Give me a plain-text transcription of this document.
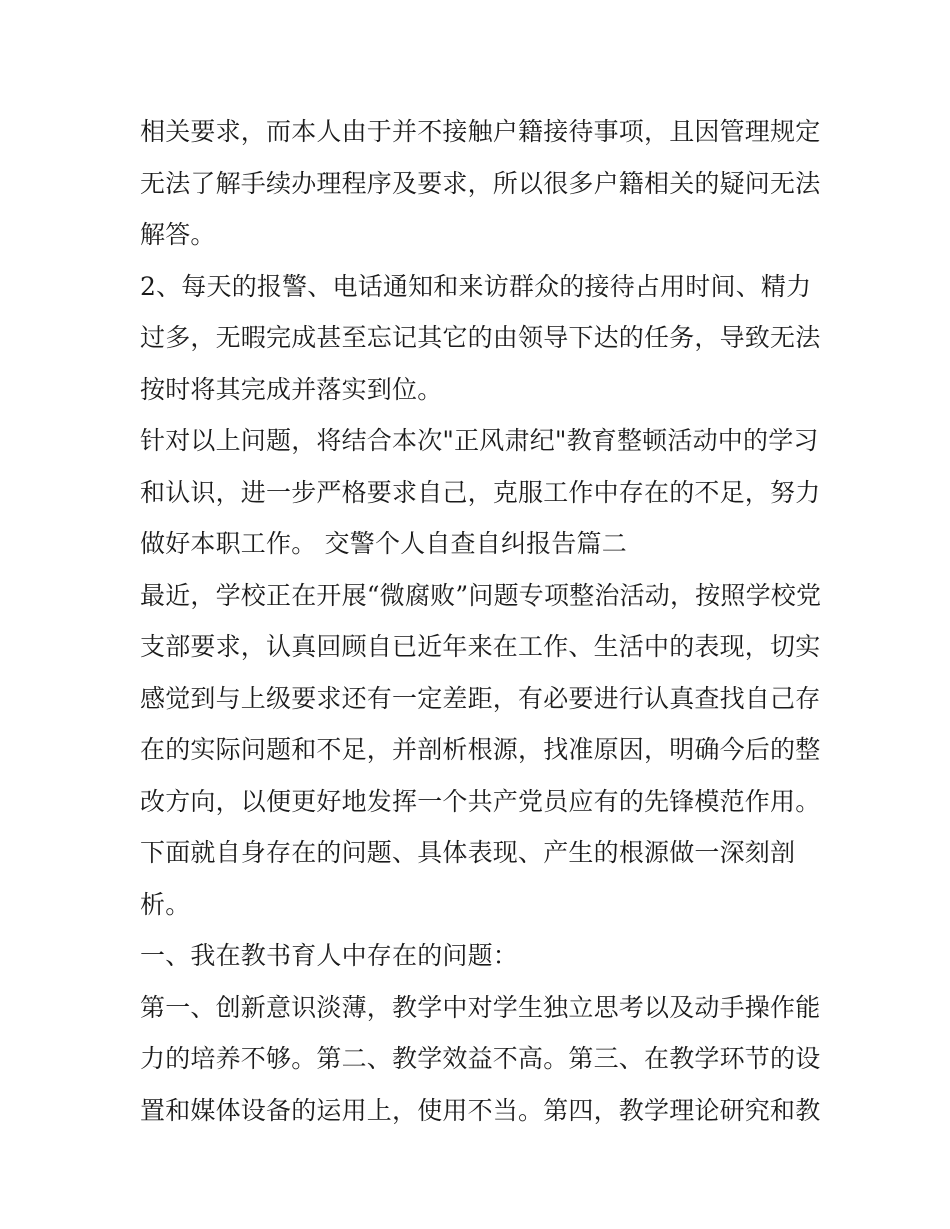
相关要求，而本人由于并不接触户籍接待事项，且因管理规定
无法了解手续办理程序及要求，所以很多户籍相关的疑问无法
解答。
2、每天的报警、电话通知和来访群众的接待占用时间、精力
过多，无暇完成甚至忘记其它的由领导下达的任务，导致无法
按时将其完成并落实到位。
针对以上问题，将结合本次"正风肃纪"教育整顿活动中的学习
和认识，进一步严格要求自己，克服工作中存在的不足，努力
做好本职工作。 交警个人自查自纠报告篇二
最近，学校正在开展“微腐败”问题专项整治活动，按照学校党
支部要求，认真回顾自已近年来在工作、生活中的表现，切实
感觉到与上级要求还有一定差距，有必要进行认真查找自己存
在的实际问题和不足，并剖析根源，找准原因，明确今后的整
改方向，以便更好地发挥一个共产党员应有的先锋模范作用。
下面就自身存在的问题、具体表现、产生的根源做一深刻剖
析。
一、我在教书育人中存在的问题：
第一、创新意识淡薄，教学中对学生独立思考以及动手操作能
力的培养不够。第二、教学效益不高。第三、在教学环节的设
置和媒体设备的运用上，使用不当。第四，教学理论研究和教
